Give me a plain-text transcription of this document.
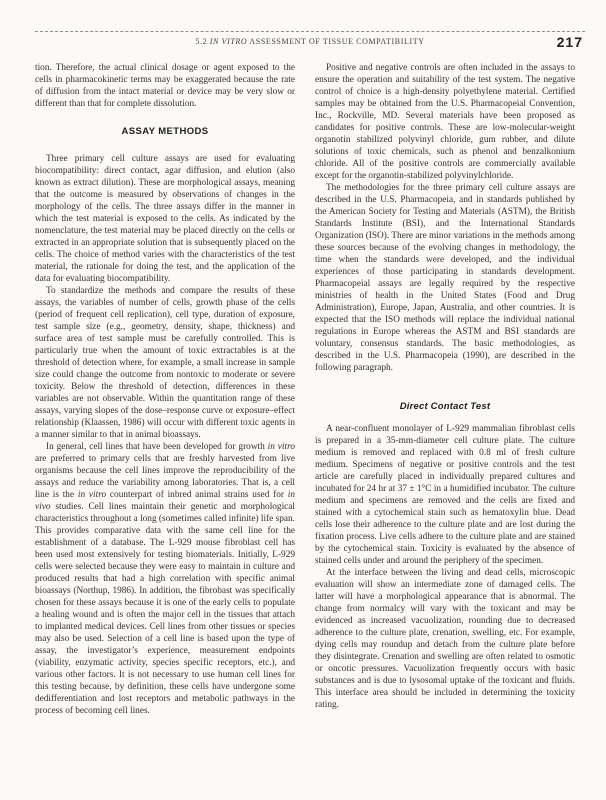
5.2 IN VITRO ASSESSMENT OF TISSUE COMPATIBILITY	217

tion. Therefore, the actual clinical dosage or agent exposed to the cells in pharmacokinetic terms may be exaggerated because the rate of diffusion from the intact material or device may be very slow or different than that for complete dissolution.

ASSAY METHODS

Three primary cell culture assays are used for evaluating biocompatibility: direct contact, agar diffusion, and elution (also known as extract dilution). These are morphological assays, meaning that the outcome is measured by observations of changes in the morphology of the cells. The three assays differ in the manner in which the test material is exposed to the cells. As indicated by the nomenclature, the test material may be placed directly on the cells or extracted in an appropriate solution that is subsequently placed on the cells. The choice of method varies with the characteristics of the test material, the rationale for doing the test, and the application of the data for evaluating biocompatibility.

To standardize the methods and compare the results of these assays, the variables of number of cells, growth phase of the cells (period of frequent cell replication), cell type, duration of exposure, test sample size (e.g., geometry, density, shape, thickness) and surface area of test sample must be carefully controlled. This is particularly true when the amount of toxic extractables is at the threshold of detection where, for example, a small increase in sample size could change the outcome from nontoxic to moderate or severe toxicity. Below the threshold of detection, differences in these variables are not observable. Within the quantitation range of these assays, varying slopes of the dose–response curve or exposure–effect relationship (Klaassen, 1986) will occur with different toxic agents in a manner similar to that in animal bioassays.

In general, cell lines that have been developed for growth in vitro are preferred to primary cells that are freshly harvested from live organisms because the cell lines improve the reproducibility of the assays and reduce the variability among laboratories. That is, a cell line is the in vitro counterpart of inbred animal strains used for in vivo studies. Cell lines maintain their genetic and morphological characteristics throughout a long (sometimes called infinite) life span. This provides comparative data with the same cell line for the establishment of a database. The L-929 mouse fibroblast cell has been used most extensively for testing biomaterials. Initially, L-929 cells were selected because they were easy to maintain in culture and produced results that had a high correlation with specific animal bioassays (Northup, 1986). In addition, the fibrobast was specifically chosen for these assays because it is one of the early cells to populate a healing wound and is often the major cell in the tissues that attach to implanted medical devices. Cell lines from other tissues or species may also be used. Selection of a cell line is based upon the type of assay, the investigator’s experience, measurement endpoints (viability, enzymatic activity, species specific receptors, etc.), and various other factors. It is not necessary to use human cell lines for this testing because, by definition, these cells have undergone some dedifferentiation and lost receptors and metabolic pathways in the process of becoming cell lines.

Positive and negative controls are often included in the assays to ensure the operation and suitability of the test system. The negative control of choice is a high-density polyethylene material. Certified samples may be obtained from the U.S. Pharmacopeial Convention, Inc., Rockville, MD. Several materials have been proposed as candidates for positive controls. These are low-molecular-weight organotin stabilized polyvinyl chloride, gum rubber, and dilute solutions of toxic chemicals, such as phenol and benzalkonium chloride. All of the positive controls are commercially available except for the organotin-stabilized polyvinylchloride.

The methodologies for the three primary cell culture assays are described in the U.S. Pharmacopeia, and in standards published by the American Society for Testing and Materials (ASTM), the British Standards Institute (BSI), and the International Standards Organization (ISO). There are minor variations in the methods among these sources because of the evolving changes in methodology, the time when the standards were developed, and the individual experiences of those participating in standards development. Pharmacopeial assays are legally required by the respective ministries of health in the United States (Food and Drug Administration), Europe, Japan, Australia, and other countries. It is expected that the ISO methods will replace the individual national regulations in Europe whereas the ASTM and BSI standards are voluntary, consensus standards. The basic methodologies, as described in the U.S. Pharmacopeia (1990), are described in the following paragraph.

Direct Contact Test

A near-confluent monolayer of L-929 mammalian fibroblast cells is prepared in a 35-mm-diameter cell culture plate. The culture medium is removed and replaced with 0.8 ml of fresh culture medium. Specimens of negative or positive controls and the test article are carefully placed in individually prepared cultures and incubated for 24 hr at 37 ± 1°C in a humidified incubator. The culture medium and specimens are removed and the cells are fixed and stained with a cytochemical stain such as hematoxylin blue. Dead cells lose their adherence to the culture plate and are lost during the fixation process. Live cells adhere to the culture plate and are stained by the cytochemical stain. Toxicity is evaluated by the absence of stained cells under and around the periphery of the specimen.

At the interface between the living and dead cells, microscopic evaluation will show an intermediate zone of damaged cells. The latter will have a morphological appearance that is abnormal. The change from normalcy will vary with the toxicant and may be evidenced as increased vacuolization, rounding due to decreased adherence to the culture plate, crenation, swelling, etc. For example, dying cells may roundup and detach from the culture plate before they disintegrate. Crenation and swelling are often related to osmotic or oncotic pressures. Vacuolization frequently occurs with basic substances and is due to lysosomal uptake of the toxicant and fluids. This interface area should be included in determining the toxicity rating.
